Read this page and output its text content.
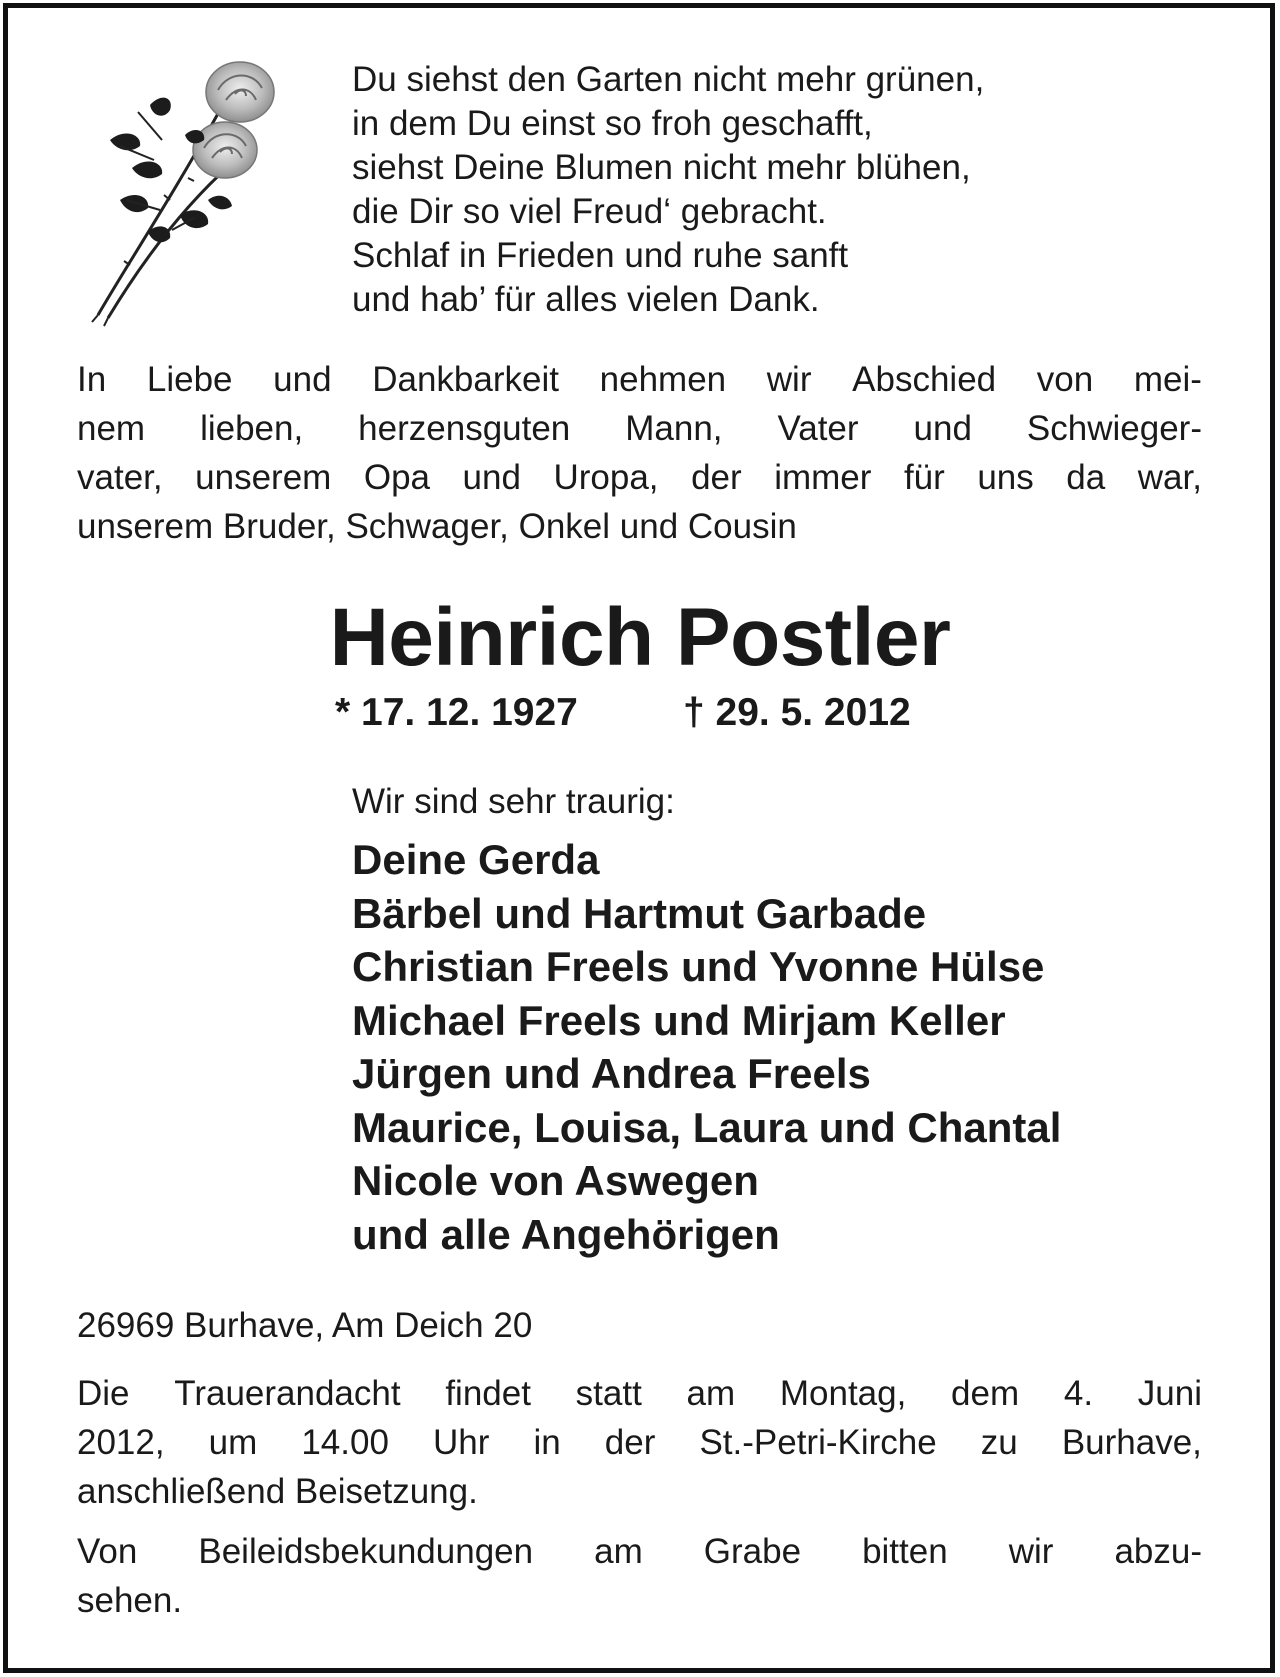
Du siehst den Garten nicht mehr grünen,
in dem Du einst so froh geschafft,
siehst Deine Blumen nicht mehr blühen,
die Dir so viel Freud‘ gebracht.
Schlaf in Frieden und ruhe sanft
und hab’ für alles vielen Dank.
In Liebe und Dankbarkeit nehmen wir Abschied von mei-
nem lieben, herzensguten Mann, Vater und Schwieger-
vater, unserem Opa und Uropa, der immer für uns da war,
unserem Bruder, Schwager, Onkel und Cousin
Heinrich Postler
* 17. 12. 1927	† 29. 5. 2012
Wir sind sehr traurig:
Deine Gerda
Bärbel und Hartmut Garbade
Christian Freels und Yvonne Hülse
Michael Freels und Mirjam Keller
Jürgen und Andrea Freels
Maurice, Louisa, Laura und Chantal
Nicole von Aswegen
und alle Angehörigen
26969 Burhave, Am Deich 20
Die Trauerandacht findet statt am Montag, dem 4. Juni
2012, um 14.00 Uhr in der St.-Petri-Kirche zu Burhave,
anschließend Beisetzung.
Von Beileidsbekundungen am Grabe bitten wir abzu-
sehen.
